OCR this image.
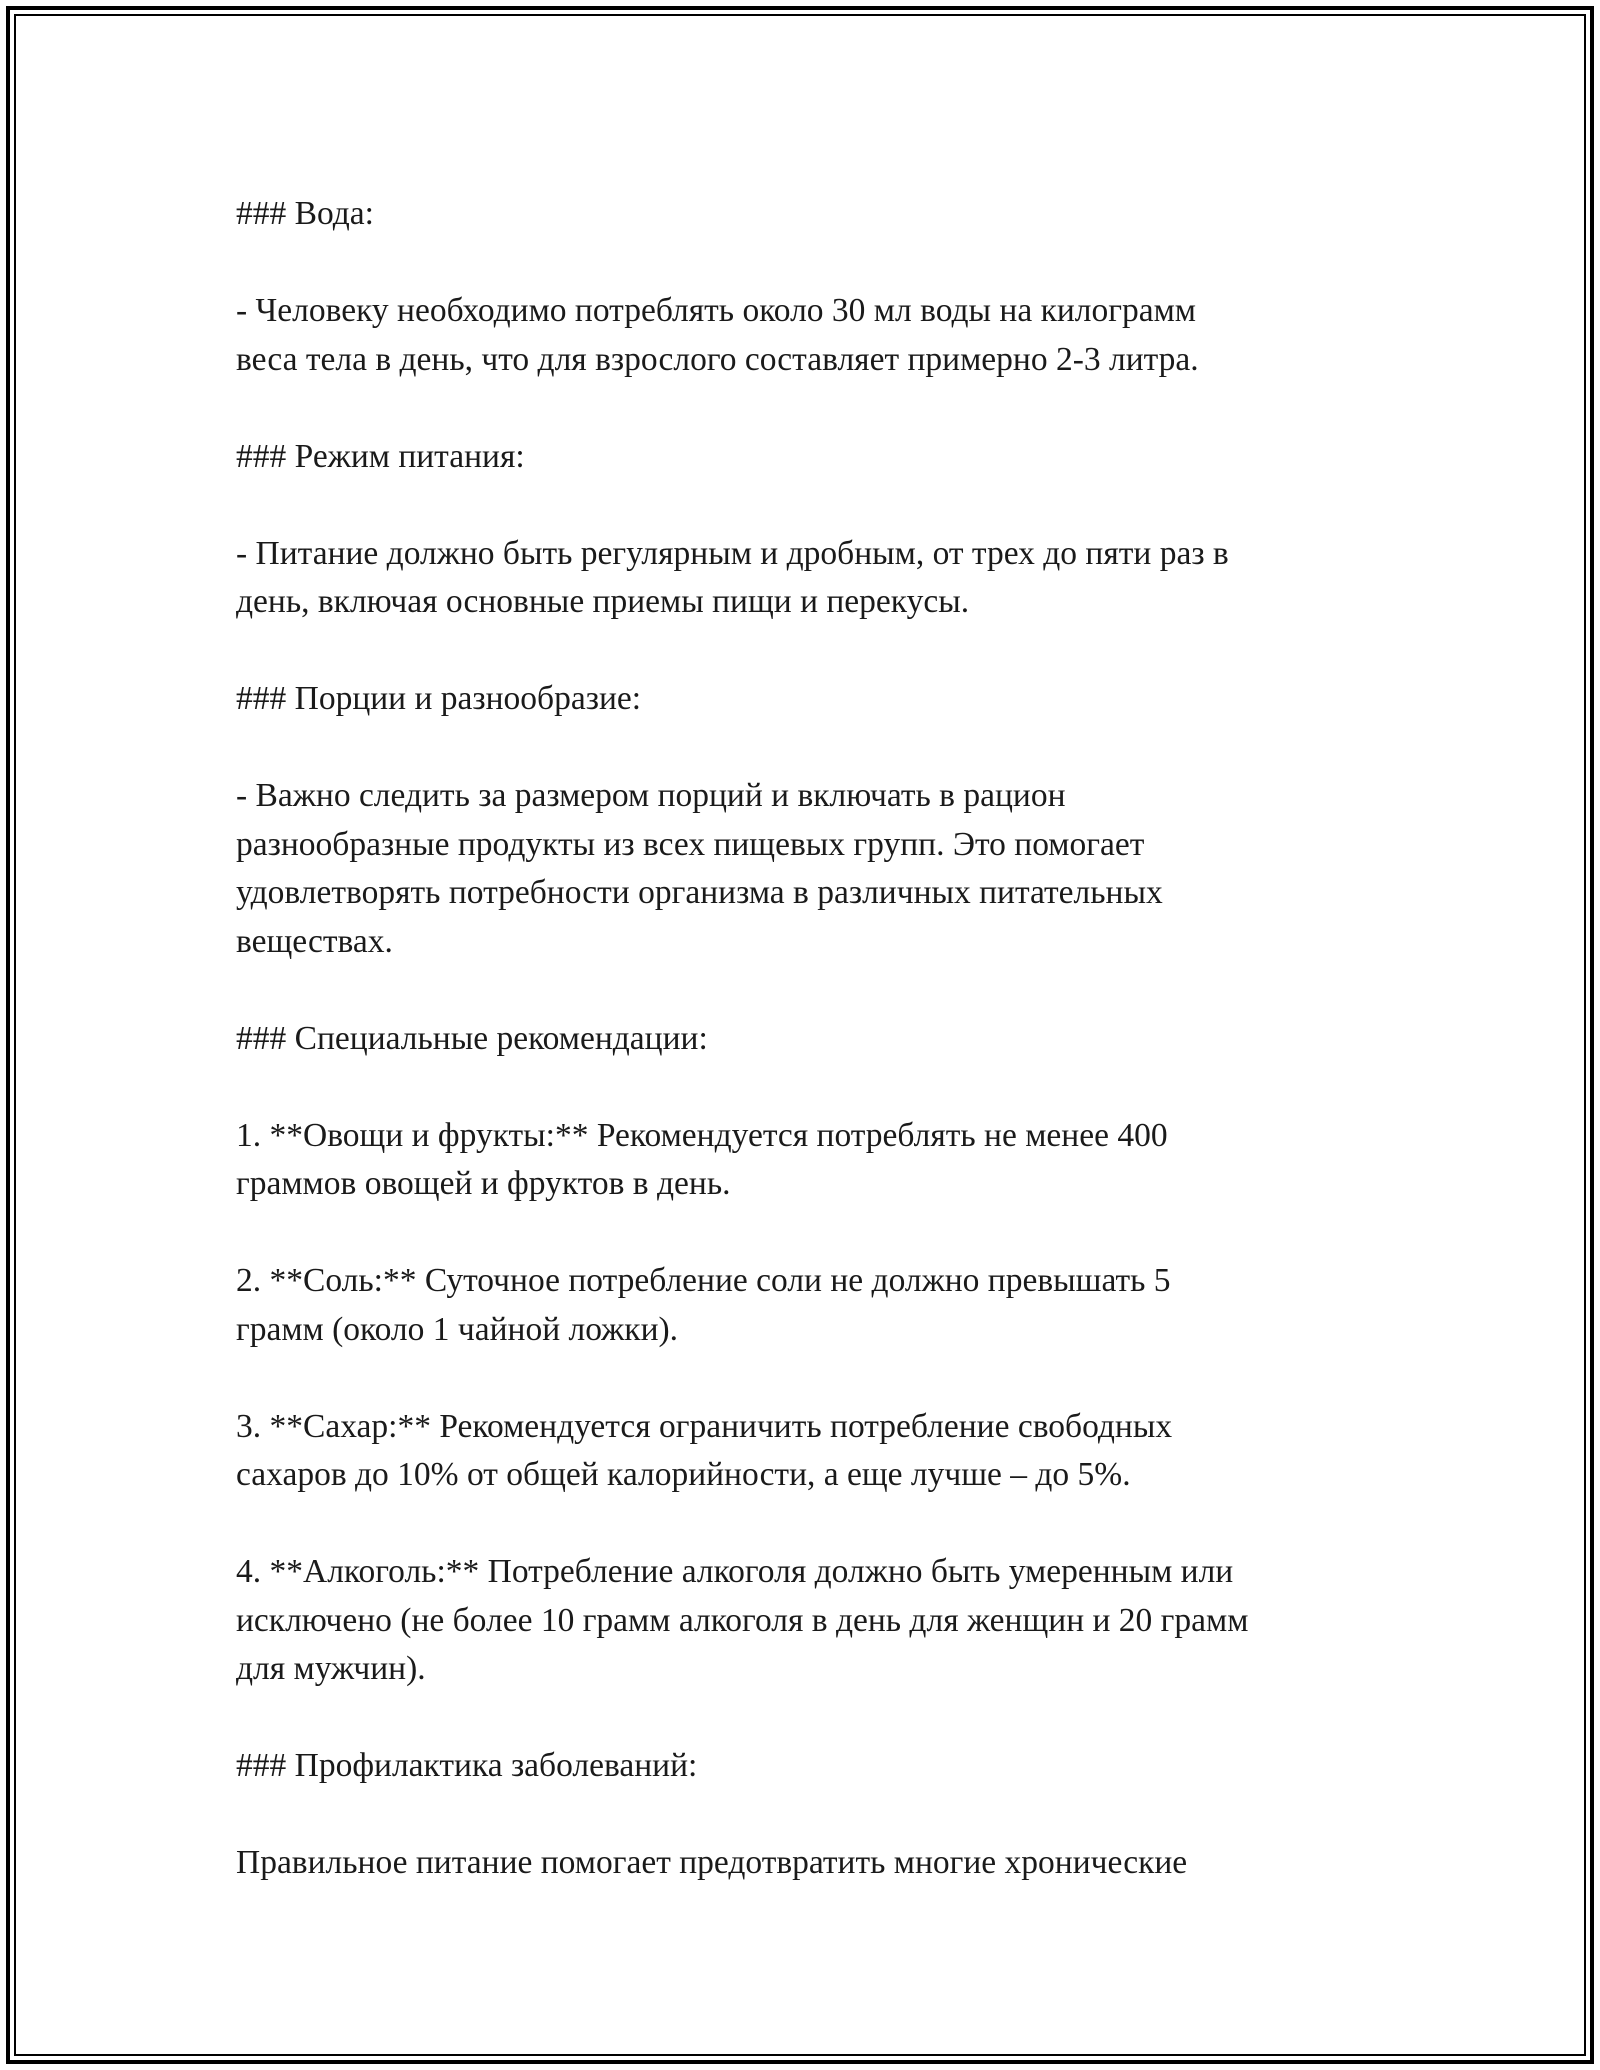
### Вода:

- Человеку необходимо потреблять около 30 мл воды на килограмм
веса тела в день, что для взрослого составляет примерно 2-3 литра.

### Режим питания:

- Питание должно быть регулярным и дробным, от трех до пяти раз в
день, включая основные приемы пищи и перекусы.

### Порции и разнообразие:

- Важно следить за размером порций и включать в рацион
разнообразные продукты из всех пищевых групп. Это помогает
удовлетворять потребности организма в различных питательных
веществах.

### Специальные рекомендации:

1. **Овощи и фрукты:** Рекомендуется потреблять не менее 400
граммов овощей и фруктов в день.

2. **Соль:** Суточное потребление соли не должно превышать 5
грамм (около 1 чайной ложки).

3. **Сахар:** Рекомендуется ограничить потребление свободных
сахаров до 10% от общей калорийности, а еще лучше – до 5%.

4. **Алкоголь:** Потребление алкоголя должно быть умеренным или
исключено (не более 10 грамм алкоголя в день для женщин и 20 грамм
для мужчин).

### Профилактика заболеваний:

Правильное питание помогает предотвратить многие хронические
